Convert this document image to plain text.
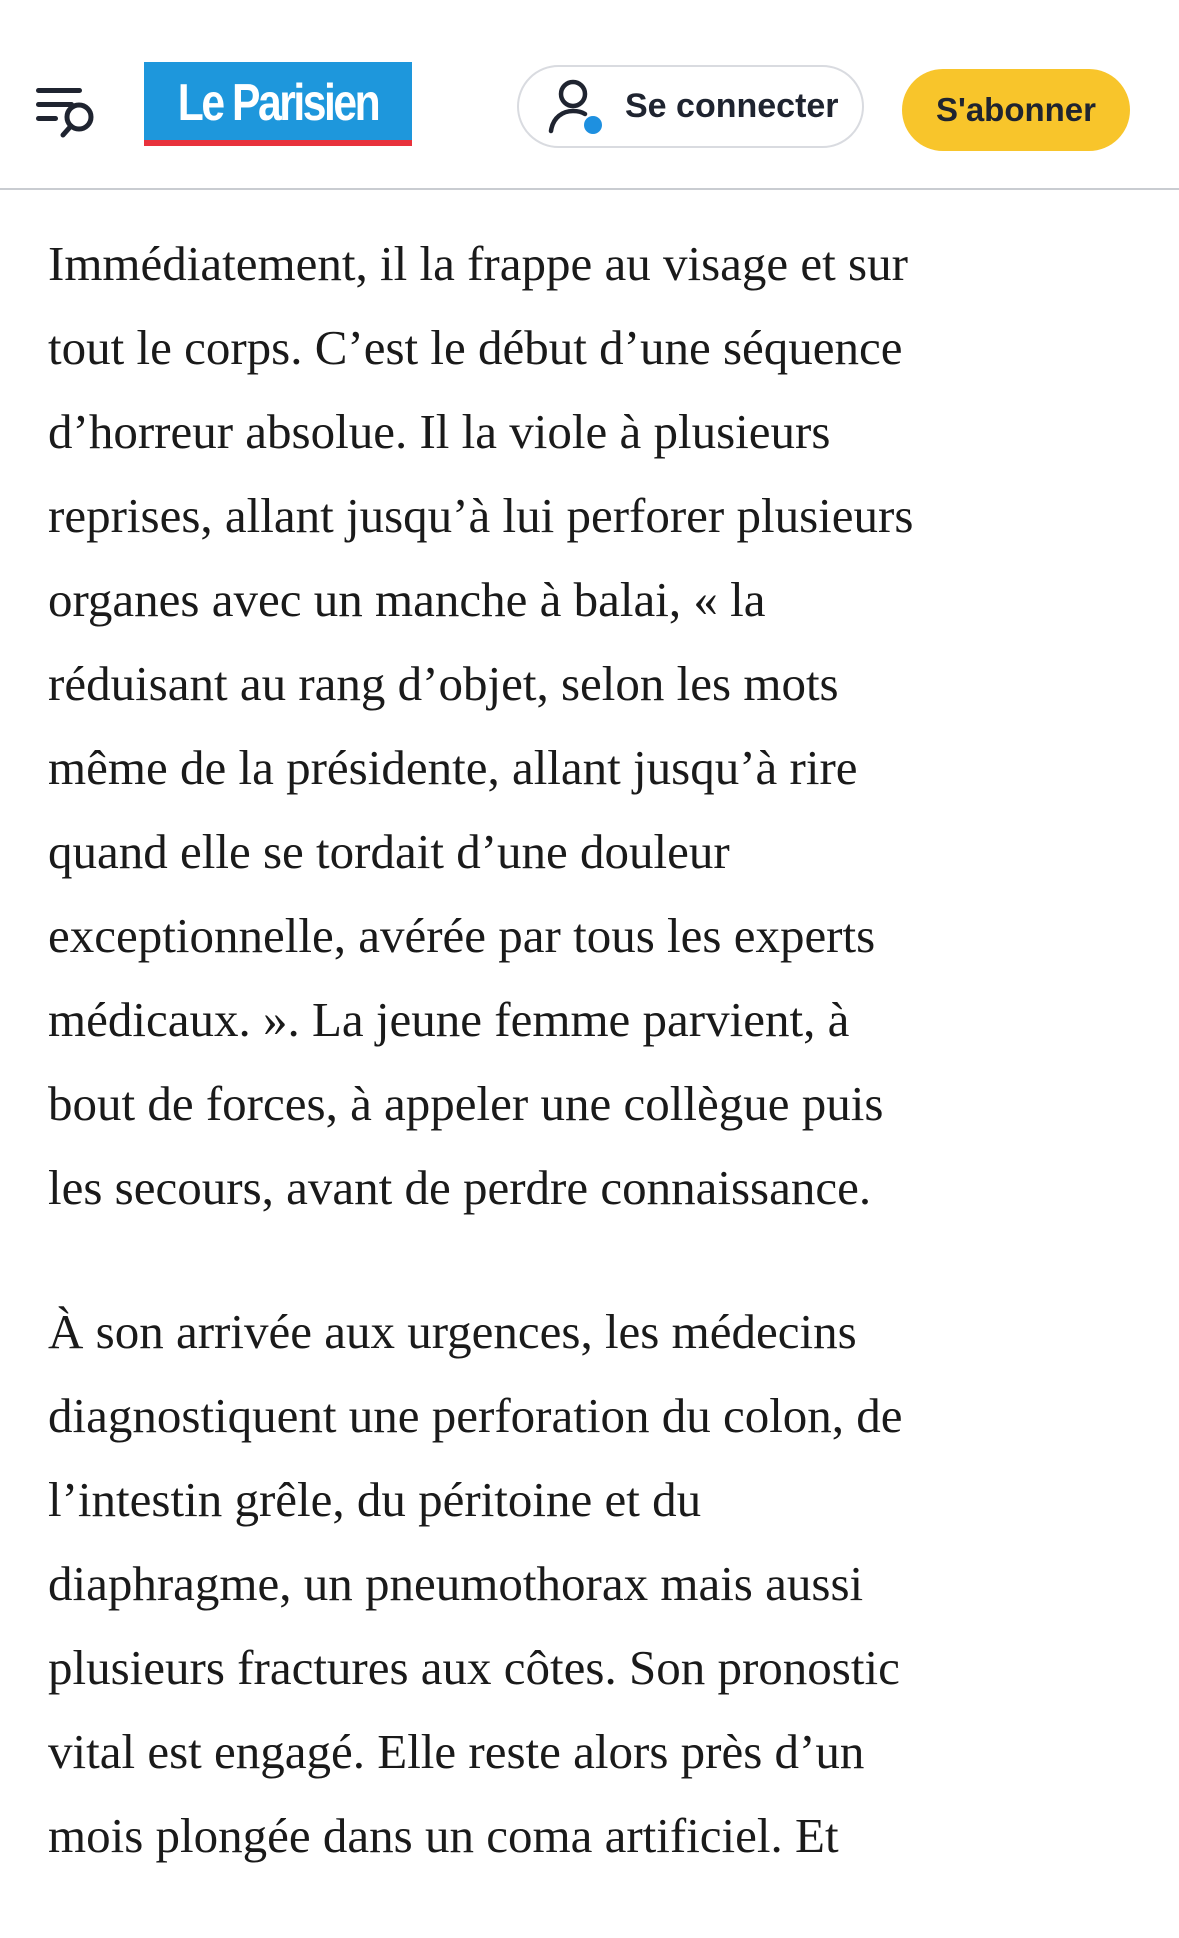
Le Parisien	Se connecter	S'abonner

Immédiatement, il la frappe au visage et sur
tout le corps. C’est le début d’une séquence
d’horreur absolue. Il la viole à plusieurs
reprises, allant jusqu’à lui perforer plusieurs
organes avec un manche à balai, « la
réduisant au rang d’objet, selon les mots
même de la présidente, allant jusqu’à rire
quand elle se tordait d’une douleur
exceptionnelle, avérée par tous les experts
médicaux. ». La jeune femme parvient, à
bout de forces, à appeler une collègue puis
les secours, avant de perdre connaissance.

À son arrivée aux urgences, les médecins
diagnostiquent une perforation du colon, de
l’intestin grêle, du péritoine et du
diaphragme, un pneumothorax mais aussi
plusieurs fractures aux côtes. Son pronostic
vital est engagé. Elle reste alors près d’un
mois plongée dans un coma artificiel. Et
